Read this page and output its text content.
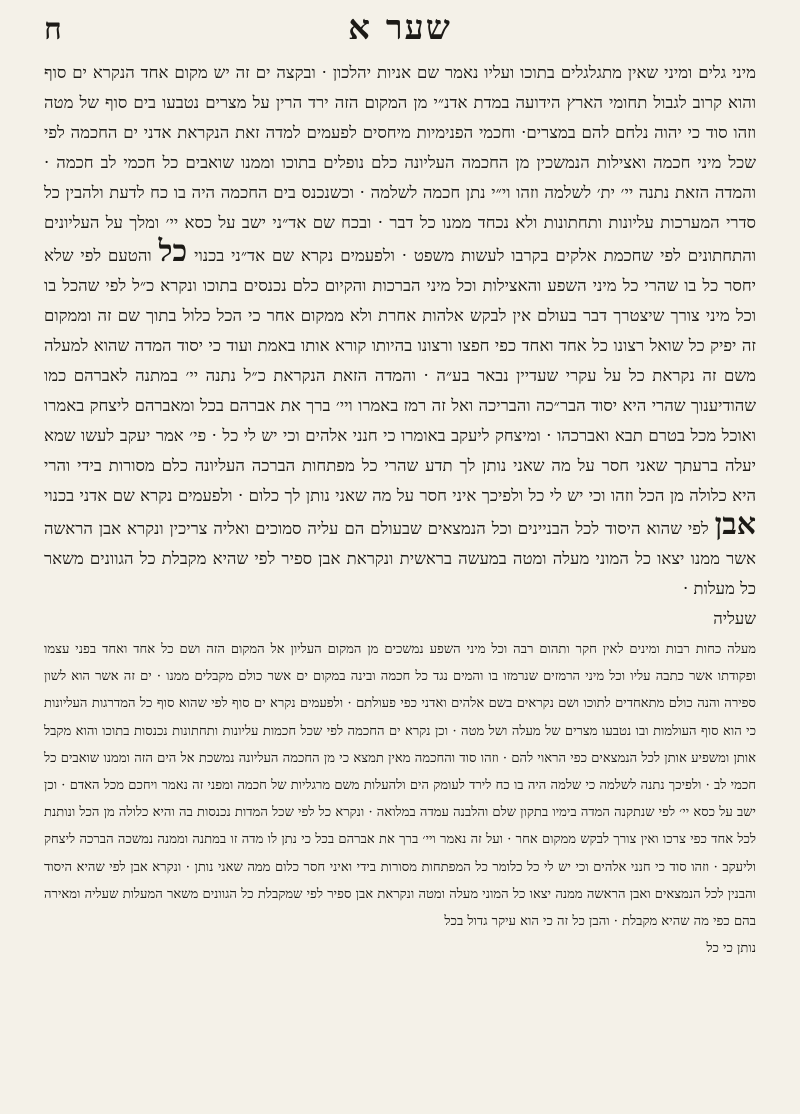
שער א
ח

מיני גלים ומיני שאין מתגלגלים בתוכו ועליו נאמר שם אניות יהלכון · ובקצה ים זה יש מקום אחד הנקרא ים סוף והוא קרוב לגבול תחומי הארץ הידועה במדת אדנ״י מן המקום הזה ירד הרין על מצרים נטבעו בים סוף של מטה וזהו סוד כי יהוה נלחם להם במצרים· וחכמי הפנימיות מיחסים לפעמים למדה זאת הנקראת אדני ים החכמה לפי שכל מיני חכמה ואצילות הנמשכין מן החכמה העליונה כלם נופלים בתוכו וממנו שואבים כל חכמי לב חכמה · והמדה הזאת נתנה יי׳ ית׳ לשלמה וזהו וי״י נתן חכמה לשלמה · וכשנכנס בים החכמה היה בו כח לדעת ולהבין כל סדרי המערכות עליונות ותחתונות ולא נכחד ממנו כל דבר · ובכח שם אד״ני ישב על כסא יי׳ ומלך על העליונים והתחתונים לפי שחכמת אלקים בקרבו לעשות משפט · ולפעמים נקרא שם אד״ני בכנוי כל והטעם לפי שלא יחסר כל בו שהרי כל מיני השפע והאצילות וכל מיני הברכות והקיום כלם נכנסים בתוכו ונקרא כ״ל לפי שהכל בו וכל מיני צורך שיצטרך דבר בעולם אין לבקש אלהות אחרת ולא ממקום אחר כי הכל כלול בתוך שם זה וממקום זה יפיק כל שואל רצונו כל אחד ואחד כפי חפצו ורצונו בהיותו קורא אותו באמת ועוד כי יסוד המדה שהוא למעלה משם זה נקראת כל על עקרי שעדיין נבאר בע״ה · והמדה הזאת הנקראת כ״ל נתנה יי׳ במתנה לאברהם כמו שהודיענוך שהרי היא יסוד הבר״כה והבריכה ואל זה רמז באמרו ויי׳ ברך את אברהם בכל ומאברהם ליצחק באמרו ואוכל מכל בטרם תבא ואברכהו · ומיצחק ליעקב באומרו כי חנני אלהים וכי יש לי כל · פי׳ אמר יעקב לעשו שמא יעלה ברעתך שאני חסר על מה שאני נותן לך תדע שהרי כל מפתחות הברכה העליונה כלם מסורות בידי והרי היא כלולה מן הכל וזהו וכי יש לי כל ולפיכך איני חסר על מה שאני נותן לך כלום · ולפעמים נקרא שם אדני בכנוי אבן לפי שהוא היסוד לכל הבניינים וכל הנמצאים שבעולם הם עליה סמוכים ואליה צריכין ונקרא אבן הראשה אשר ממנו יצאו כל המוני מעלה ומטה במעשה בראשית ונקראת אבן ספיר לפי שהיא מקבלת כל הגוונים משאר כל מעלות ·

שעליה

מעלה כחות רבות ומינים לאין חקר ותהום רבה וכל מיני השפע נמשכים מן המקום העליון אל המקום הזה ושם כל אחד ואחד בפני עצמו ופקודתו אשר כתבה עליו וכל מיני הרמזים שנרמזו בו והמים נגד כל חכמה ובינה במקום ים אשר כולם מקבלים ממנו · ים זה אשר הוא לשון ספירה והנה כולם מתאחדים לתוכו ושם נקראים בשם אלהים ואדני כפי פעולתם · ולפעמים נקרא ים סוף לפי שהוא סוף כל המדרגות העליונות כי הוא סוף העולמות ובו נטבעו מצרים של מעלה ושל מטה · וכן נקרא ים החכמה לפי שכל חכמות עליונות ותחתונות נכנסות בתוכו והוא מקבל אותן ומשפיע אותן לכל הנמצאים כפי הראוי להם · וזהו סוד והחכמה מאין תמצא כי מן החכמה העליונה נמשכת אל הים הזה וממנו שואבים כל חכמי לב · ולפיכך נתנה לשלמה כי שלמה היה בו כח לירד לעומק הים ולהעלות משם מרגליות של חכמה ומפני זה נאמר ויחכם מכל האדם · וכן ישב על כסא יי׳ לפי שנתקנה המדה בימיו בתקון שלם והלבנה עמדה במלואה · ונקרא כל לפי שכל המדות נכנסות בה והיא כלולה מן הכל ונותנת לכל אחד כפי צרכו ואין צורך לבקש ממקום אחר · ועל זה נאמר ויי׳ ברך את אברהם בכל כי נתן לו מדה זו במתנה וממנה נמשכה הברכה ליצחק וליעקב · וזהו סוד כי חנני אלהים וכי יש לי כל כלומר כל המפתחות מסורות בידי ואיני חסר כלום ממה שאני נותן · ונקרא אבן לפי שהיא היסוד והבנין לכל הנמצאים ואבן הראשה ממנה יצאו כל המוני מעלה ומטה ונקראת אבן ספיר לפי שמקבלת כל הגוונים משאר המעלות שעליה ומאירה בהם כפי מה שהיא מקבלת · והבן כל זה כי הוא עיקר גדול בכל

נותן כי כל
